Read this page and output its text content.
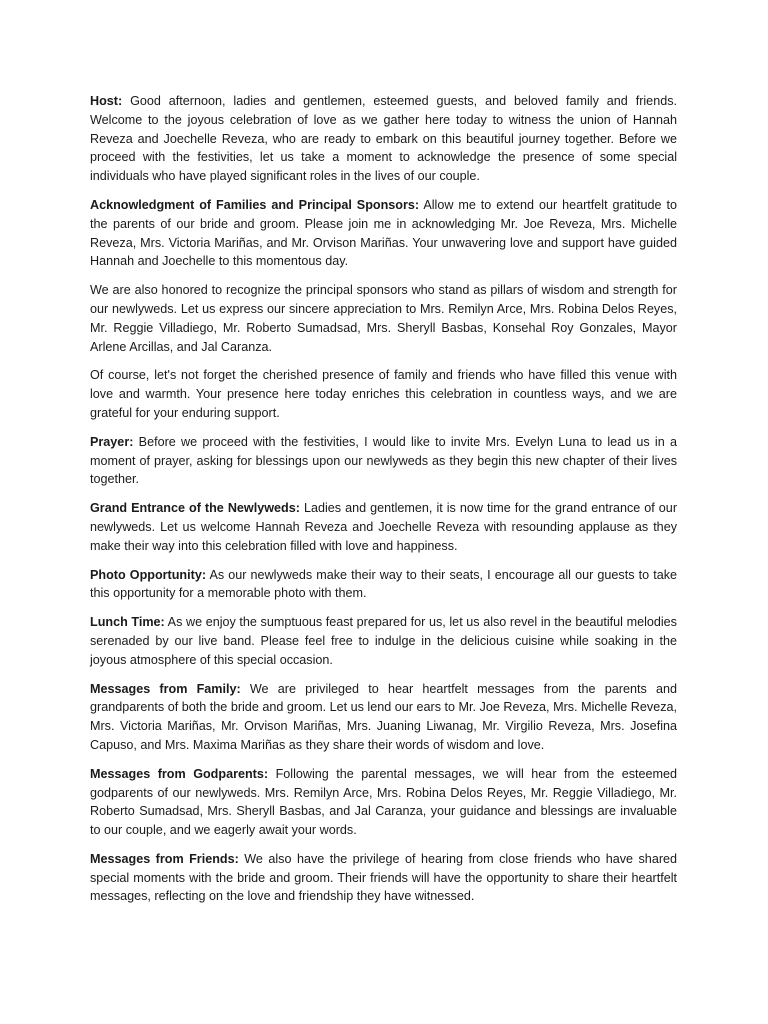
Host: Good afternoon, ladies and gentlemen, esteemed guests, and beloved family and friends. Welcome to the joyous celebration of love as we gather here today to witness the union of Hannah Reveza and Joechelle Reveza, who are ready to embark on this beautiful journey together. Before we proceed with the festivities, let us take a moment to acknowledge the presence of some special individuals who have played significant roles in the lives of our couple.

Acknowledgment of Families and Principal Sponsors: Allow me to extend our heartfelt gratitude to the parents of our bride and groom. Please join me in acknowledging Mr. Joe Reveza, Mrs. Michelle Reveza, Mrs. Victoria Mariñas, and Mr. Orvison Mariñas. Your unwavering love and support have guided Hannah and Joechelle to this momentous day.

We are also honored to recognize the principal sponsors who stand as pillars of wisdom and strength for our newlyweds. Let us express our sincere appreciation to Mrs. Remilyn Arce, Mrs. Robina Delos Reyes, Mr. Reggie Villadiego, Mr. Roberto Sumadsad, Mrs. Sheryll Basbas, Konsehal Roy Gonzales, Mayor Arlene Arcillas, and Jal Caranza.

Of course, let's not forget the cherished presence of family and friends who have filled this venue with love and warmth. Your presence here today enriches this celebration in countless ways, and we are grateful for your enduring support.

Prayer: Before we proceed with the festivities, I would like to invite Mrs. Evelyn Luna to lead us in a moment of prayer, asking for blessings upon our newlyweds as they begin this new chapter of their lives together.

Grand Entrance of the Newlyweds: Ladies and gentlemen, it is now time for the grand entrance of our newlyweds. Let us welcome Hannah Reveza and Joechelle Reveza with resounding applause as they make their way into this celebration filled with love and happiness.

Photo Opportunity: As our newlyweds make their way to their seats, I encourage all our guests to take this opportunity for a memorable photo with them.

Lunch Time: As we enjoy the sumptuous feast prepared for us, let us also revel in the beautiful melodies serenaded by our live band. Please feel free to indulge in the delicious cuisine while soaking in the joyous atmosphere of this special occasion.

Messages from Family: We are privileged to hear heartfelt messages from the parents and grandparents of both the bride and groom. Let us lend our ears to Mr. Joe Reveza, Mrs. Michelle Reveza, Mrs. Victoria Mariñas, Mr. Orvison Mariñas, Mrs. Juaning Liwanag, Mr. Virgilio Reveza, Mrs. Josefina Capuso, and Mrs. Maxima Mariñas as they share their words of wisdom and love.

Messages from Godparents: Following the parental messages, we will hear from the esteemed godparents of our newlyweds. Mrs. Remilyn Arce, Mrs. Robina Delos Reyes, Mr. Reggie Villadiego, Mr. Roberto Sumadsad, Mrs. Sheryll Basbas, and Jal Caranza, your guidance and blessings are invaluable to our couple, and we eagerly await your words.

Messages from Friends: We also have the privilege of hearing from close friends who have shared special moments with the bride and groom. Their friends will have the opportunity to share their heartfelt messages, reflecting on the love and friendship they have witnessed.
